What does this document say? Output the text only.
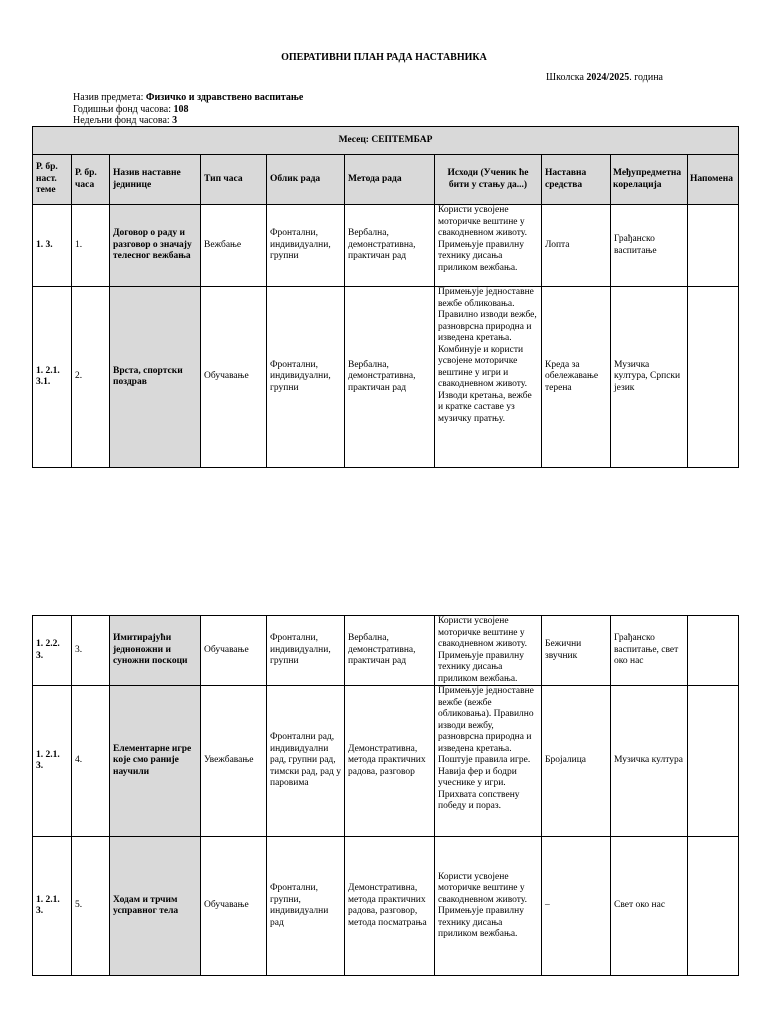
ОПЕРАТИВНИ ПЛАН РАДА НАСТАВНИКА
Школска 2024/2025. година
Назив предмета: Физичко и здравствено васпитање
Годишњи фонд часова: 108
Недељни фонд часова: 3
Месец: СЕПТЕМБАР									
Р. бр. наст. теме	Р. бр. часа	Назив наставне јединице	Тип часа	Облик рада	Метода рада	Исходи (Ученик ће бити у стању да...)	Наставна средства	Међупредметна корелација	Напомена
1. 3.	1.	Договор о раду и разговор о значају телесног вежбања	Вежбање	Фронтални, индивидуални, групни	Вербална, демонстративна, практичан рад	Користи усвојене моторичке вештине у свакодневном животу. Примењује правилну технику дисања приликом вежбања.	Лопта	Грађанско васпитање	
1. 2.1. 3.1.	2.	Врста, спортски поздрав	Обучавање	Фронтални, индивидуални, групни	Вербална, демонстративна, практичан рад	Примењује једноставне вежбе обликовања. Правилно изводи вежбе, разноврсна природна и изведена кретања. Комбинује и користи усвојене моторичке вештине у игри и свакодневном животу. Изводи кретања, вежбе и кратке саставе уз музичку пратњу.	Креда за обележавање терена	Музичка култура, Српски језик	
1. 2.2. 3.	3.	Имитирајући једноножни и суножни поскоци	Обучавање	Фронтални, индивидуални, групни	Вербална, демонстративна, практичан рад	Користи усвојене моторичке вештине у свакодневном животу. Примењује правилну технику дисања приликом вежбања.	Бежични звучник	Грађанско васпитање, свет око нас	
1. 2.1. 3.	4.	Елементарне игре које смо раније научили	Увежбавање	Фронтални рад, индивидуални рад, групни рад, тимски рад, рад у паровима	Демонстративна, метода практичних радова, разговор	Примењује једноставне вежбе (вежбе обликовања). Правилно изводи вежбу, разноврсна природна и изведена кретања. Поштује правила игре. Навија фер и бодри учеснике у игри. Прихвата сопствену победу и пораз.	Бројалица	Музичка култура	
1. 2.1. 3.	5.	Ходам и трчим усправног тела	Обучавање	Фронтални, групни, индивидуални рад	Демонстративна, метода практичних радова, разговор, метода посматрања	Користи усвојене моторичке вештине у свакодневном животу. Примењује правилну технику дисања приликом вежбања.	–	Свет око нас	
